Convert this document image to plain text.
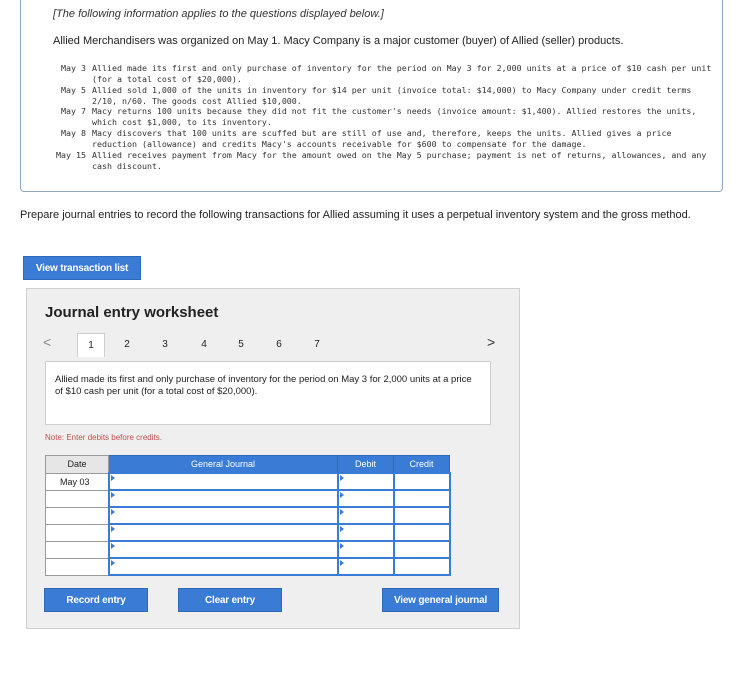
[The following information applies to the questions displayed below.]
Allied Merchandisers was organized on May 1. Macy Company is a major customer (buyer) of Allied (seller) products.
May 3 Allied made its first and only purchase of inventory for the period on May 3 for 2,000 units at a price of $10 cash per unit (for a total cost of $20,000).
May 5 Allied sold 1,000 of the units in inventory for $14 per unit (invoice total: $14,000) to Macy Company under credit terms 2/10, n/60. The goods cost Allied $10,000.
May 7 Macy returns 100 units because they did not fit the customer's needs (invoice amount: $1,400). Allied restores the units, which cost $1,000, to its inventory.
May 8 Macy discovers that 100 units are scuffed but are still of use and, therefore, keeps the units. Allied gives a price reduction (allowance) and credits Macy's accounts receivable for $600 to compensate for the damage.
May 15 Allied receives payment from Macy for the amount owed on the May 5 purchase; payment is net of returns, allowances, and any cash discount.
Prepare journal entries to record the following transactions for Allied assuming it uses a perpetual inventory system and the gross method.
View transaction list
Journal entry worksheet
<	1	2	3	4	5	6	7	>
Allied made its first and only purchase of inventory for the period on May 3 for 2,000 units at a price of $10 cash per unit (for a total cost of $20,000).
Note: Enter debits before credits.
Date	General Journal	Debit	Credit
May 03	

Record entry	Clear entry	View general journal
